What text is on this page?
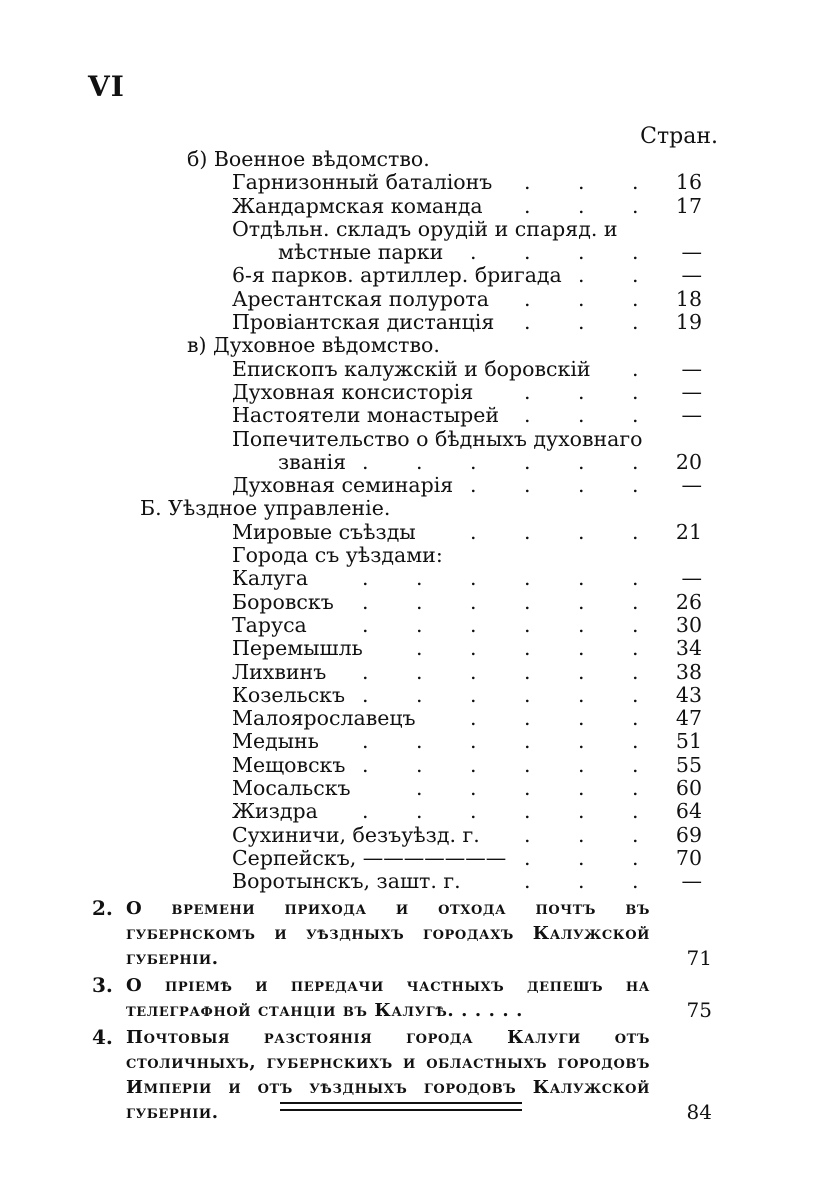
VI
Стран.
б) Военное вѣдомство.
Гарнизонный баталіонъ	16
. . .
Жандармская команда	17
. . .
Отдѣльн. складъ орудій и спаряд. и
мѣстные парки	—
. . . .
6-я парков. артиллер. бригада	—
. .
Арестантская полурота	18
. . .
Провіантская дистанція	19
. . .
в) Духовное вѣдомство.
Епископъ калужскій и боровскій	—
.
Духовная консисторія	—
. . .
Настоятели монастырей	—
. . .
Попечительство о бѣдныхъ духовнаго
званія	20
. . . . . .
Духовная семинарія	—
. . . .
Б. Уѣздное управленіе.
Мировые съѣзды	21
. . . .
Города съ уѣздами:
Калуга	—
. . . . . .
Боровскъ	26
. . . . . .
Таруса	30
. . . . . .
Перемышль	34
. . . . .
Лихвинъ	38
. . . . . .
Козельскъ	43
. . . . . .
Малоярославецъ	47
. . . .
Медынь	51
. . . . . .
Мещовскъ	55
. . . . . .
Мосальскъ	60
. . . . .
Жиздра	64
. . . . . .
Сухиничи, безъуѣзд. г.	69
. . .
Серпейскъ, ———————	70
. . .
Воротынскъ, зашт. г.	—
. . .
2. О времени прихода и отхода почтъ въ губернскомъ и уѣздныхъ городахъ Калужской губерніи.	71
3. О пріемѣ и передачи частныхъ депешъ на телеграфной станціи въ Калугѣ. . . . . .	75
4. Почтовыя разстоянія города Калуги отъ столичныхъ, губернскихъ и областныхъ городовъ Имперіи и отъ уѣздныхъ городовъ Калужской губерніи.	84
